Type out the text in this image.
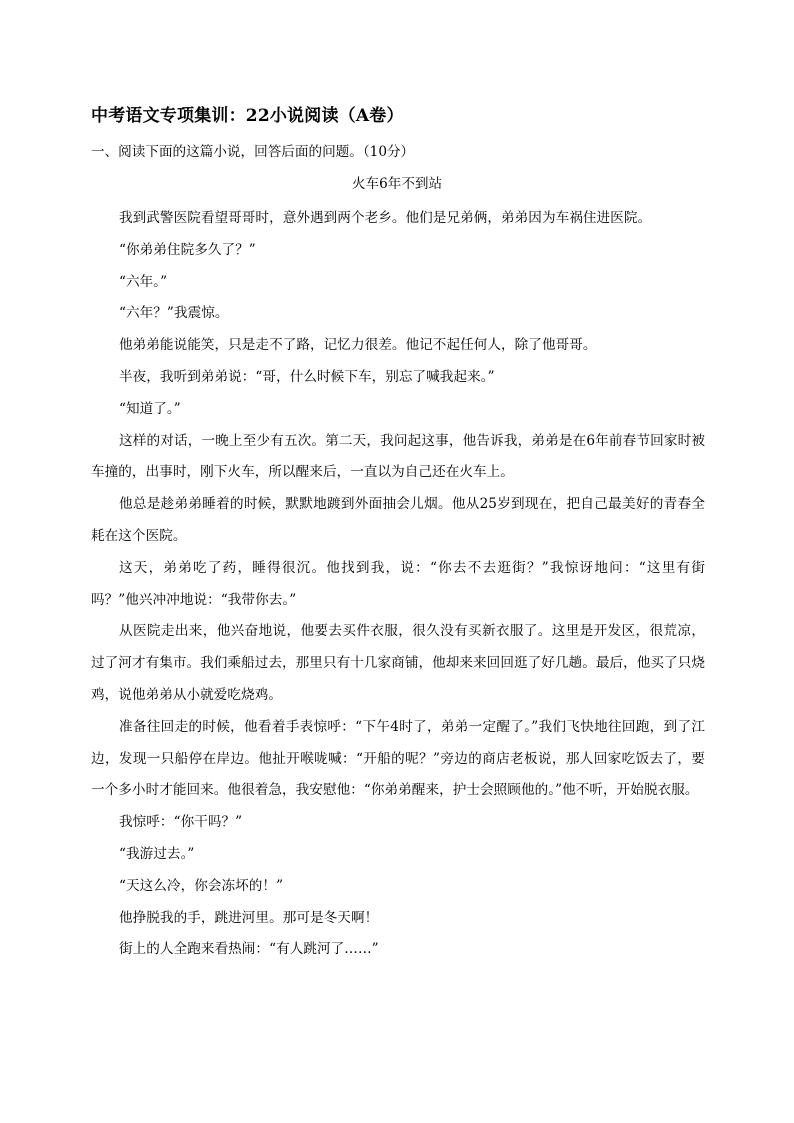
中考语文专项集训：22小说阅读（A卷）
一、阅读下面的这篇小说，回答后面的问题。（10分）
火车6年不到站

我到武警医院看望哥哥时，意外遇到两个老乡。他们是兄弟俩，弟弟因为车祸住进医院。

“你弟弟住院多久了？”

“六年。”

“六年？”我震惊。

他弟弟能说能笑，只是走不了路，记忆力很差。他记不起任何人，除了他哥哥。

半夜，我听到弟弟说：“哥，什么时候下车，别忘了喊我起来。”

“知道了。”

这样的对话，一晚上至少有五次。第二天，我问起这事，他告诉我，弟弟是在6年前春节回家时被车撞的，出事时，刚下火车，所以醒来后，一直以为自己还在火车上。

他总是趁弟弟睡着的时候，默默地踱到外面抽会儿烟。他从25岁到现在，把自己最美好的青春全耗在这个医院。

这天，弟弟吃了药，睡得很沉。他找到我，说：“你去不去逛街？”我惊讶地问：“这里有街吗？”他兴冲冲地说：“我带你去。”

从医院走出来，他兴奋地说，他要去买件衣服，很久没有买新衣服了。这里是开发区，很荒凉，过了河才有集市。我们乘船过去，那里只有十几家商铺，他却来来回回逛了好几趟。最后，他买了只烧鸡，说他弟弟从小就爱吃烧鸡。

准备往回走的时候，他看着手表惊呼：“下午4时了，弟弟一定醒了。”我们飞快地往回跑，到了江边，发现一只船停在岸边。他扯开喉咙喊：“开船的呢？”旁边的商店老板说，那人回家吃饭去了，要一个多小时才能回来。他很着急，我安慰他：“你弟弟醒来，护士会照顾他的。”他不听，开始脱衣服。

我惊呼：“你干吗？”

“我游过去。”

“天这么冷，你会冻坏的！”

他挣脱我的手，跳进河里。那可是冬天啊！

街上的人全跑来看热闹：“有人跳河了……”
